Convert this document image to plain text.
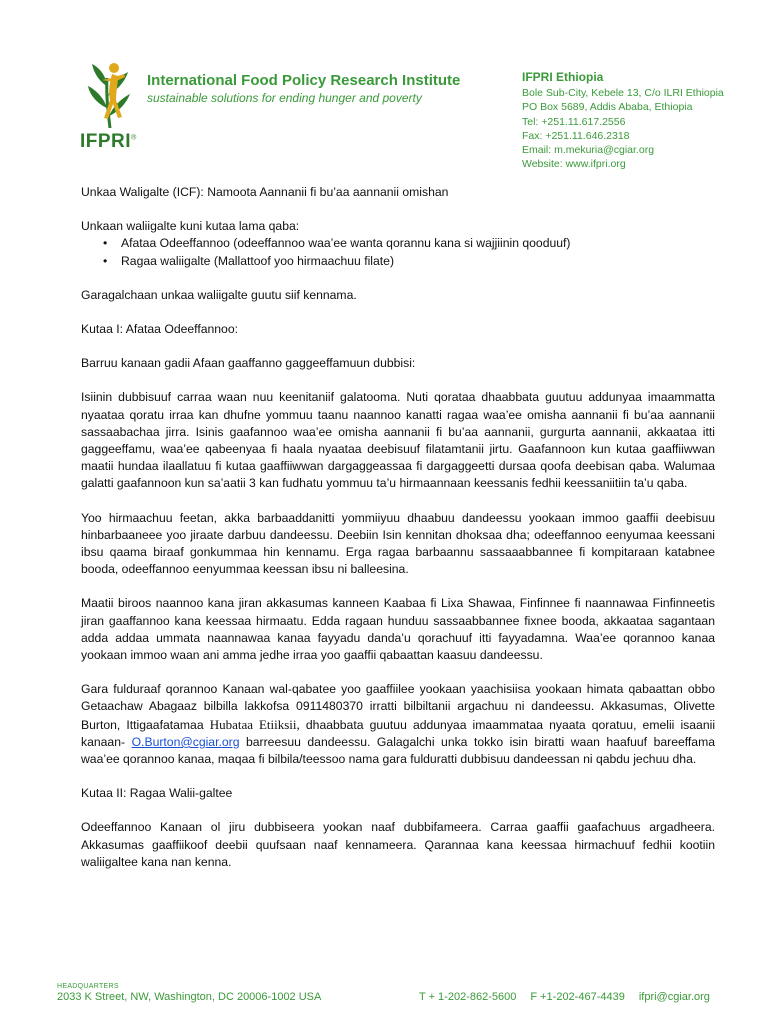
IFPRI®
International Food Policy Research Institute
sustainable solutions for ending hunger and poverty
IFPRI Ethiopia
Bole Sub-City, Kebele 13, C/o ILRI Ethiopia
PO Box 5689, Addis Ababa, Ethiopia
Tel: +251.11.617.2556
Fax: +251.11.646.2318
Email: m.mekuria@cgiar.org
Website: www.ifpri.org

Unkaa Waligalte (ICF): Namoota Aannanii fi bu’aa aannanii omishan

Unkaan waliigalte kuni kutaa lama qaba:

• Afataa Odeeffannoo (odeeffannoo waa’ee wanta qorannu kana si wajjiinin qooduuf)
• Ragaa waliigalte (Mallattoof yoo hirmaachuu filate)

Garagalchaan unkaa waliigalte guutu siif kennama.

Kutaa I: Afataa Odeeffannoo:

Barruu kanaan gadii Afaan gaaffanno gaggeeffamuun dubbisi:

Isiinin dubbisuuf carraa waan nuu keenitaniif galatooma. Nuti qorataa dhaabbata guutuu addunyaa imaammatta nyaataa qoratu irraa kan dhufne yommuu taanu naannoo kanatti ragaa waa’ee omisha aannanii fi bu’aa aannanii sassaabachaa jirra. Isinis gaafannoo waa’ee omisha aannanii fi bu’aa aannanii, gurgurta aannanii, akkaataa itti gaggeeffamu, waa’ee qabeenyaa fi haala nyaataa deebisuuf filatamtanii jirtu. Gaafannoon kun kutaa gaaffiiwwan maatii hundaa ilaallatuu fi kutaa gaaffiiwwan dargaggeassaa fi dargaggeetti dursaa qoofa deebisan qaba. Walumaa galatti gaafannoon kun sa’aatii 3 kan fudhatu yommuu ta’u hirmaannaan keessanis fedhii keessaniitiin ta’u qaba.

Yoo hirmaachuu feetan, akka barbaaddanitti yommiiyuu dhaabuu dandeessu yookaan immoo gaaffii deebisuu hinbarbaaneee yoo jiraate darbuu dandeessu. Deebiin Isin kennitan dhoksaa dha; odeeffannoo eenyumaa keessani ibsu qaama biraaf gonkummaa hin kennamu. Erga ragaa barbaannu sassaaabbannee fi kompitaraan katabnee booda, odeeffannoo eenyummaa keessan ibsu ni balleesina.

Maatii biroos naannoo kana jiran akkasumas kanneen Kaabaa fi Lixa Shawaa, Finfinnee fi naannawaa Finfinneetis jiran gaaffannoo kana keessaa hirmaatu. Edda ragaan hunduu sassaabbannee fixnee booda, akkaataa sagantaan adda addaa ummata naannawaa kanaa fayyadu danda’u qorachuuf itti fayyadamna. Waa’ee qorannoo kanaa yookaan immoo waan ani amma jedhe irraa yoo gaaffii qabaattan kaasuu dandeessu.

Gara fulduraaf qorannoo Kanaan wal-qabatee yoo gaaffiilee yookaan yaachisiisa yookaan himata qabaattan obbo Getaachaw Abagaaz bilbilla lakkofsa 0911480370 irratti bilbiltanii argachuu ni dandeessu. Akkasumas, Olivette Burton, Ittigaafatamaa Hubataa Etiiksii, dhaabbata guutuu addunyaa imaammataa nyaata qoratuu, emelii isaanii kanaan- O.Burton@cgiar.org barreesuu dandeessu. Galagalchi unka tokko isin biratti waan haafuuf bareeffama waa’ee qorannoo kanaa, maqaa fi bilbila/teessoo nama gara fulduratti dubbisuu dandeessan ni qabdu jechuu dha.

Kutaa II: Ragaa Walii-galtee

Odeeffannoo Kanaan ol jiru dubbiseera yookan naaf dubbifameera. Carraa gaaffii gaafachuus argadheera. Akkasumas gaaffiikoof deebii quufsaan naaf kennameera. Qarannaa kana keessaa hirmachuuf fedhii kootiin waliigaltee kana nan kenna.

HEADQUARTERS
2033 K Street, NW, Washington, DC 20006-1002 USA	T + 1-202-862-5600 F +1-202-467-4439 ifpri@cgiar.org
